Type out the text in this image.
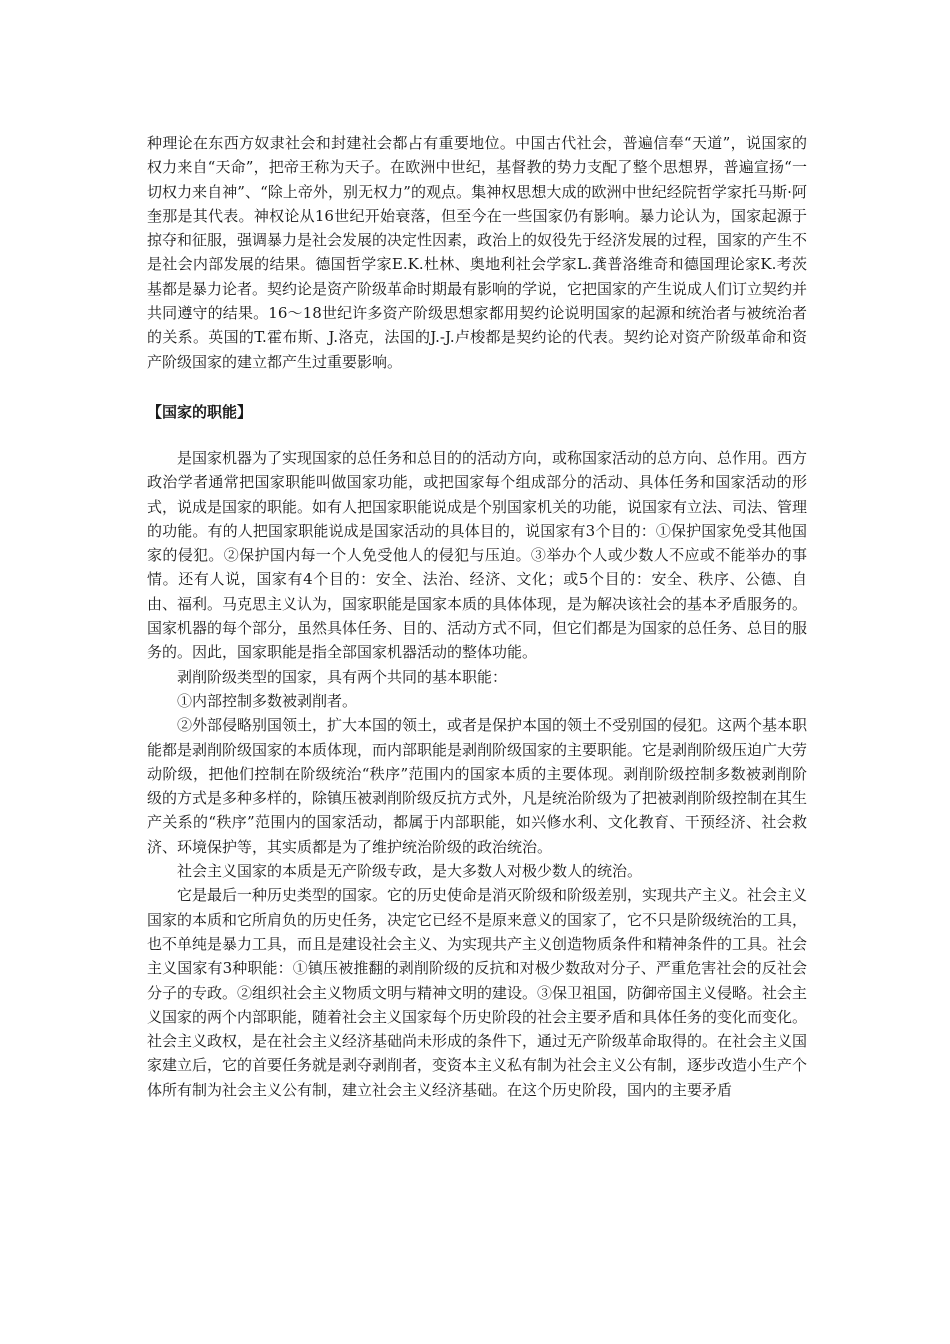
种理论在东西方奴隶社会和封建社会都占有重要地位。中国古代社会，普遍信奉“天道”，说国家的权力来自“天命”，把帝王称为天子。在欧洲中世纪，基督教的势力支配了整个思想界，普遍宣扬“一切权力来自神”、“除上帝外，别无权力”的观点。集神权思想大成的欧洲中世纪经院哲学家托马斯·阿奎那是其代表。神权论从16世纪开始衰落，但至今在一些国家仍有影响。暴力论认为，国家起源于掠夺和征服，强调暴力是社会发展的决定性因素，政治上的奴役先于经济发展的过程，国家的产生不是社会内部发展的结果。德国哲学家E.K.杜林、奥地利社会学家L.龚普洛维奇和德国理论家K.考茨基都是暴力论者。契约论是资产阶级革命时期最有影响的学说，它把国家的产生说成人们订立契约并共同遵守的结果。16～18世纪许多资产阶级思想家都用契约论说明国家的起源和统治者与被统治者的关系。英国的T.霍布斯、J.洛克，法国的J.-J.卢梭都是契约论的代表。契约论对资产阶级革命和资产阶级国家的建立都产生过重要影响。

【国家的职能】

是国家机器为了实现国家的总任务和总目的的活动方向，或称国家活动的总方向、总作用。西方政治学者通常把国家职能叫做国家功能，或把国家每个组成部分的活动、具体任务和国家活动的形式，说成是国家的职能。如有人把国家职能说成是个别国家机关的功能，说国家有立法、司法、管理的功能。有的人把国家职能说成是国家活动的具体目的，说国家有3个目的：①保护国家免受其他国家的侵犯。②保护国内每一个人免受他人的侵犯与压迫。③举办个人或少数人不应或不能举办的事情。还有人说，国家有4个目的：安全、法治、经济、文化；或5个目的：安全、秩序、公德、自由、福利。马克思主义认为，国家职能是国家本质的具体体现，是为解决该社会的基本矛盾服务的。国家机器的每个部分，虽然具体任务、目的、活动方式不同，但它们都是为国家的总任务、总目的服务的。因此，国家职能是指全部国家机器活动的整体功能。

剥削阶级类型的国家，具有两个共同的基本职能：

①内部控制多数被剥削者。

②外部侵略别国领土，扩大本国的领土，或者是保护本国的领土不受别国的侵犯。这两个基本职能都是剥削阶级国家的本质体现，而内部职能是剥削阶级国家的主要职能。它是剥削阶级压迫广大劳动阶级，把他们控制在阶级统治“秩序”范围内的国家本质的主要体现。剥削阶级控制多数被剥削阶级的方式是多种多样的，除镇压被剥削阶级反抗方式外，凡是统治阶级为了把被剥削阶级控制在其生产关系的“秩序”范围内的国家活动，都属于内部职能，如兴修水利、文化教育、干预经济、社会救济、环境保护等，其实质都是为了维护统治阶级的政治统治。

社会主义国家的本质是无产阶级专政，是大多数人对极少数人的统治。

它是最后一种历史类型的国家。它的历史使命是消灭阶级和阶级差别，实现共产主义。社会主义国家的本质和它所肩负的历史任务，决定它已经不是原来意义的国家了，它不只是阶级统治的工具，也不单纯是暴力工具，而且是建设社会主义、为实现共产主义创造物质条件和精神条件的工具。社会主义国家有3种职能：①镇压被推翻的剥削阶级的反抗和对极少数敌对分子、严重危害社会的反社会分子的专政。②组织社会主义物质文明与精神文明的建设。③保卫祖国，防御帝国主义侵略。社会主义国家的两个内部职能，随着社会主义国家每个历史阶段的社会主要矛盾和具体任务的变化而变化。社会主义政权，是在社会主义经济基础尚未形成的条件下，通过无产阶级革命取得的。在社会主义国家建立后，它的首要任务就是剥夺剥削者，变资本主义私有制为社会主义公有制，逐步改造小生产个体所有制为社会主义公有制，建立社会主义经济基础。在这个历史阶段，国内的主要矛盾
